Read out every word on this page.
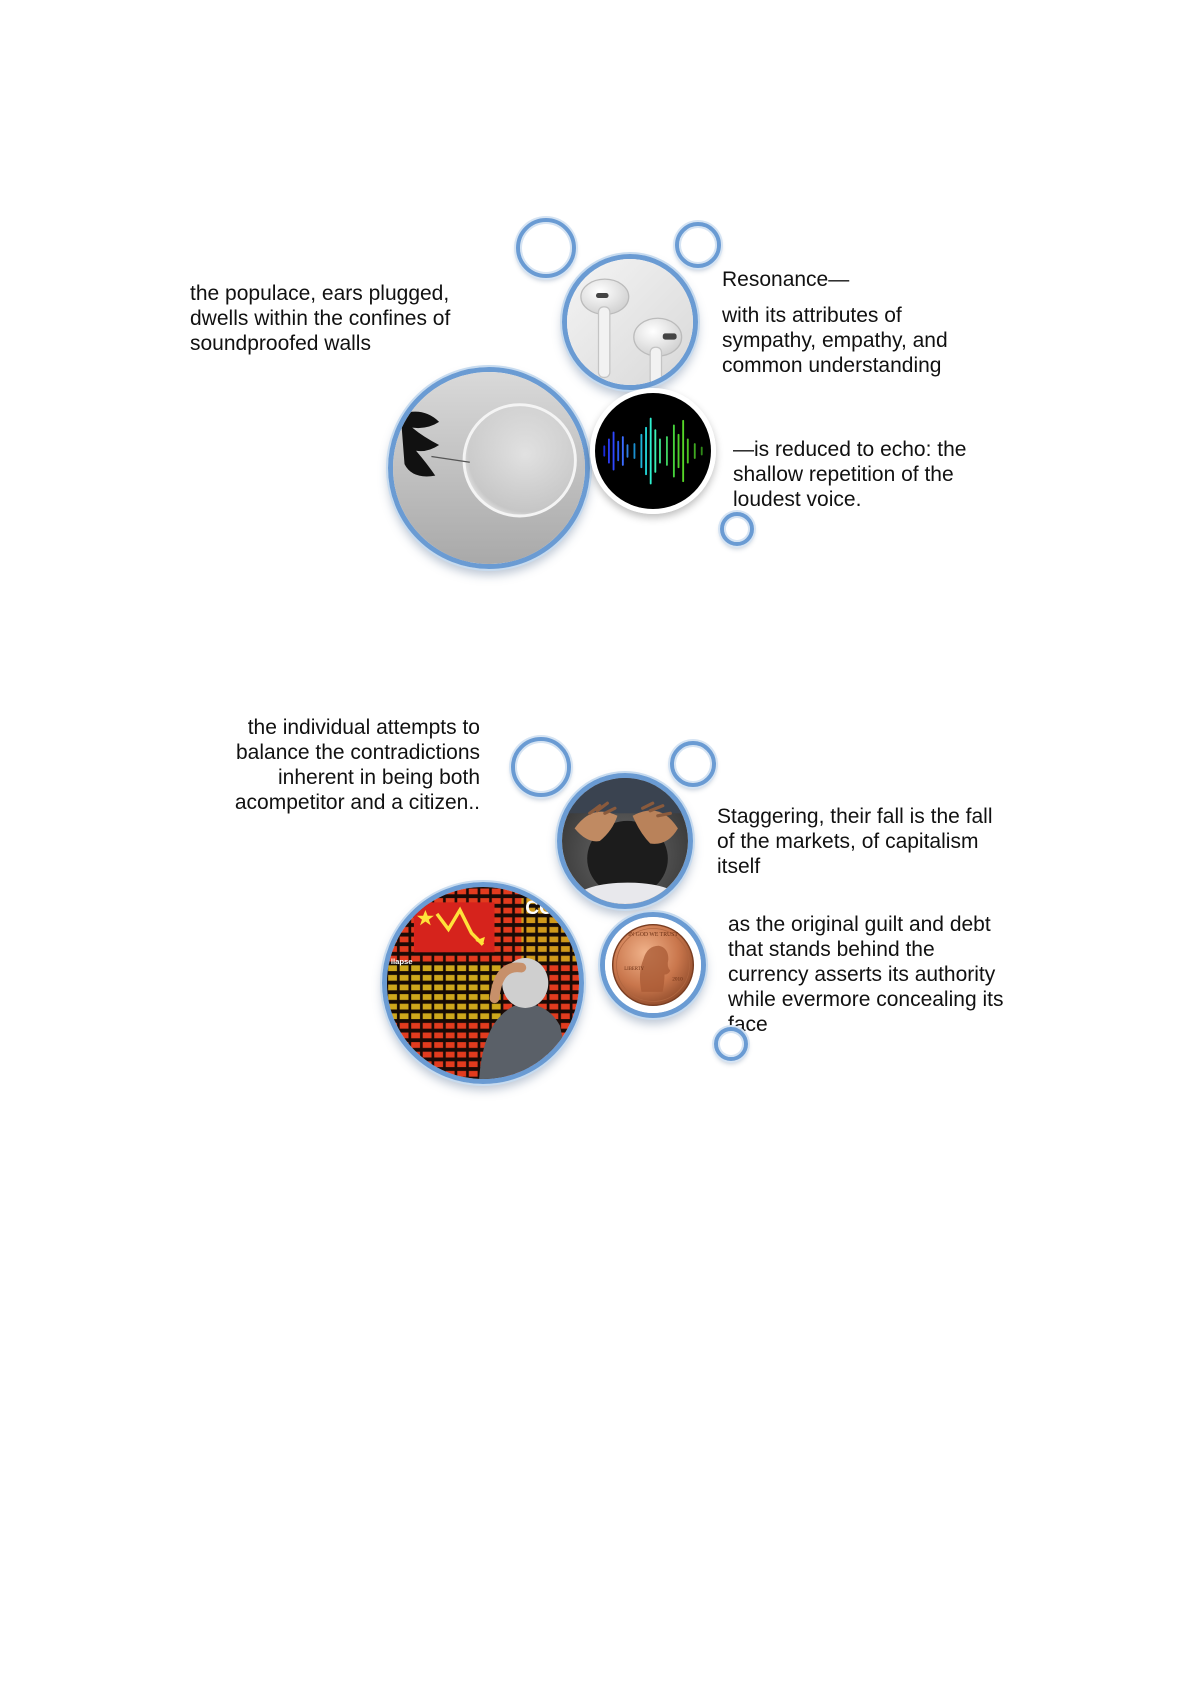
the populace, ears plugged,
dwells within the confines of
soundproofed walls

Resonance—

with its attributes of
sympathy, empathy, and
common understanding

—is reduced to echo: the
shallow repetition of the
loudest voice.

the individual attempts to
balance the contradictions
inherent in being both
acompetitor and a citizen..

Staggering, their fall is the fall
of the markets, of capitalism
itself

as the original guilt and debt
that stands behind the
currency asserts its authority
while evermore concealing its
face

CO
llapse
IN GOD WE TRUST
LIBERTY
2010
